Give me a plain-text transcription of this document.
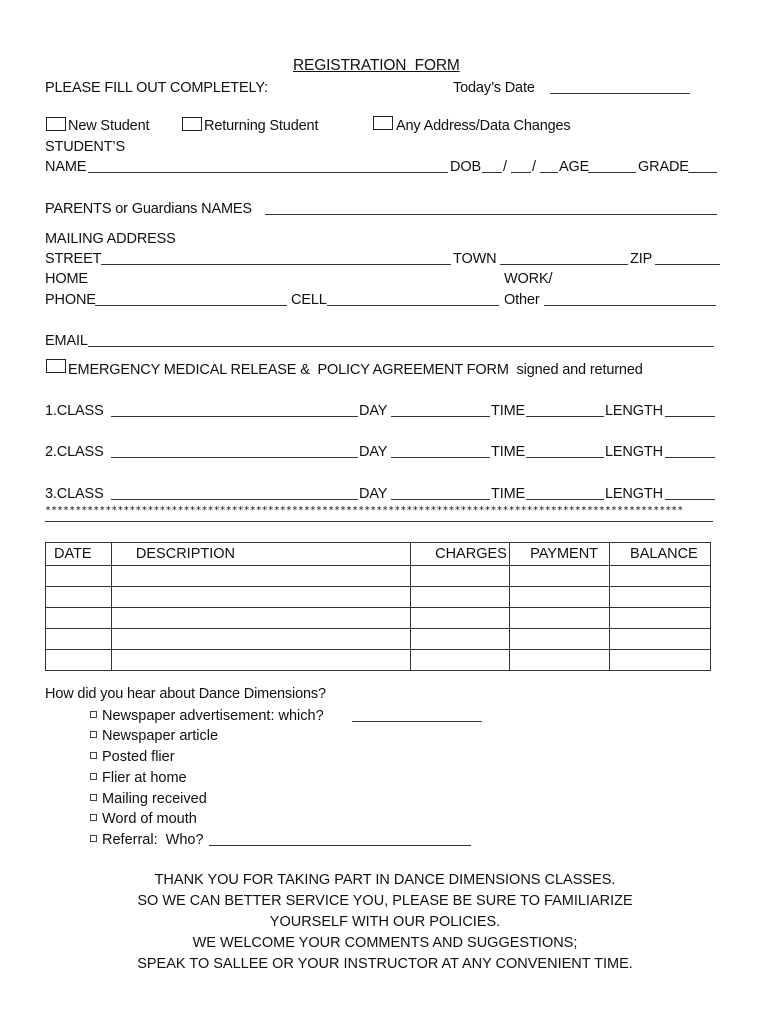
REGISTRATION  FORM
PLEASE FILL OUT COMPLETELY:	Today’s Date
New Student	Returning Student	Any Address/Data Changes
STUDENT’S
NAME	DOB / / AGE	GRADE
PARENTS or Guardians NAMES
MAILING ADDRESS
STREET	TOWN	ZIP
HOME	WORK/
PHONE	CELL	Other
EMAIL
EMERGENCY MEDICAL RELEASE &  POLICY AGREEMENT FORM  signed and returned
1.CLASS	DAY	TIME	LENGTH
2.CLASS	DAY	TIME	LENGTH
3.CLASS	DAY	TIME	LENGTH
**********************************************************************************************************
DATE	DESCRIPTION	CHARGES	PAYMENT	BALANCE

How did you hear about Dance Dimensions?
Newspaper advertisement: which?
Newspaper article
Posted flier
Flier at home
Mailing received
Word of mouth
Referral:  Who?
THANK YOU FOR TAKING PART IN DANCE DIMENSIONS CLASSES.
SO WE CAN BETTER SERVICE YOU, PLEASE BE SURE TO FAMILIARIZE
YOURSELF WITH OUR POLICIES.
WE WELCOME YOUR COMMENTS AND SUGGESTIONS;
SPEAK TO SALLEE OR YOUR INSTRUCTOR AT ANY CONVENIENT TIME.
